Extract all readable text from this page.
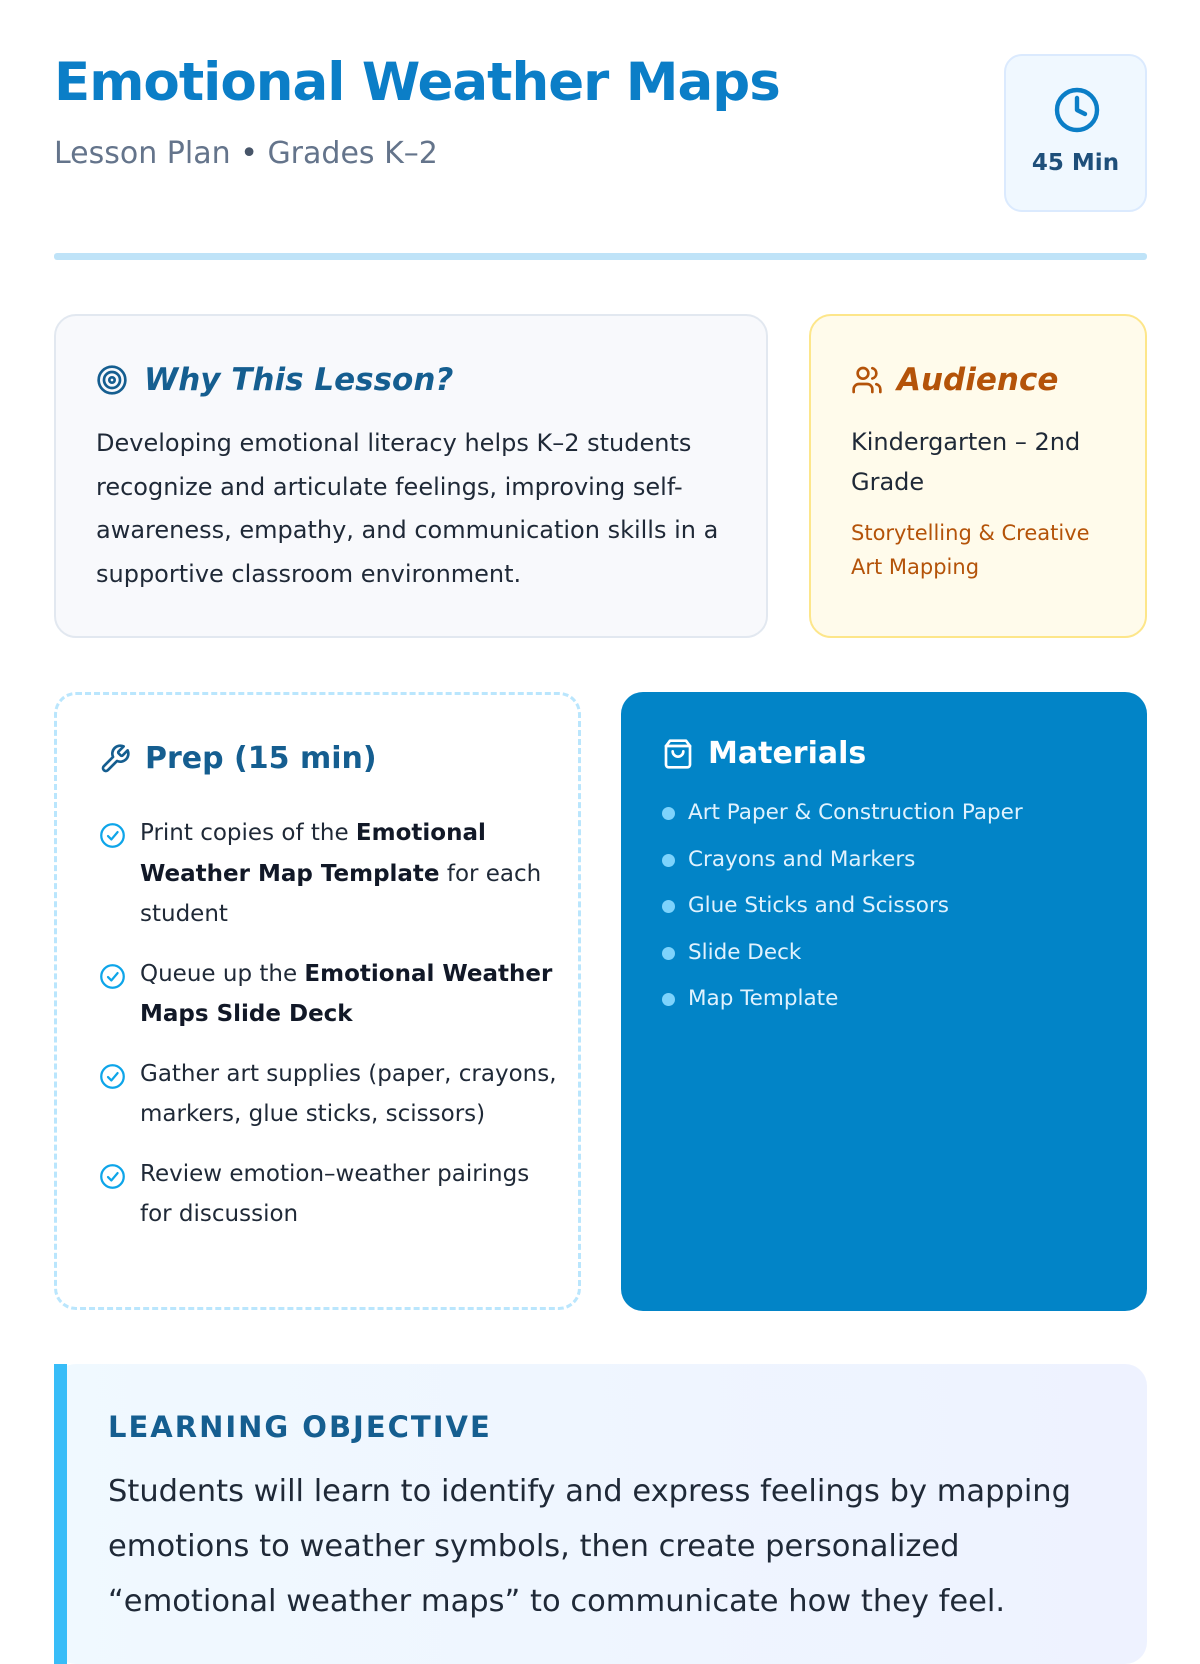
Emotional Weather Maps
Lesson Plan • Grades K–2	45 Min
Why This Lesson?

Developing emotional literacy helps K–2 students recognize and articulate feelings, improving self-awareness, empathy, and communication skills in a supportive classroom environment.

Audience
Kindergarten – 2nd Grade
Storytelling & Creative Art Mapping
Prep (15 min)
Print copies of the Emotional Weather Map Template for each student
Queue up the Emotional Weather Maps Slide Deck
Gather art supplies (paper, crayons, markers, glue sticks, scissors)
Review emotion–weather pairings for discussion
Materials
Art Paper & Construction Paper
Crayons and Markers
Glue Sticks and Scissors
Slide Deck
Map Template
LEARNING OBJECTIVE

Students will learn to identify and express feelings by mapping emotions to weather symbols, then create personalized “emotional weather maps” to communicate how they feel.
